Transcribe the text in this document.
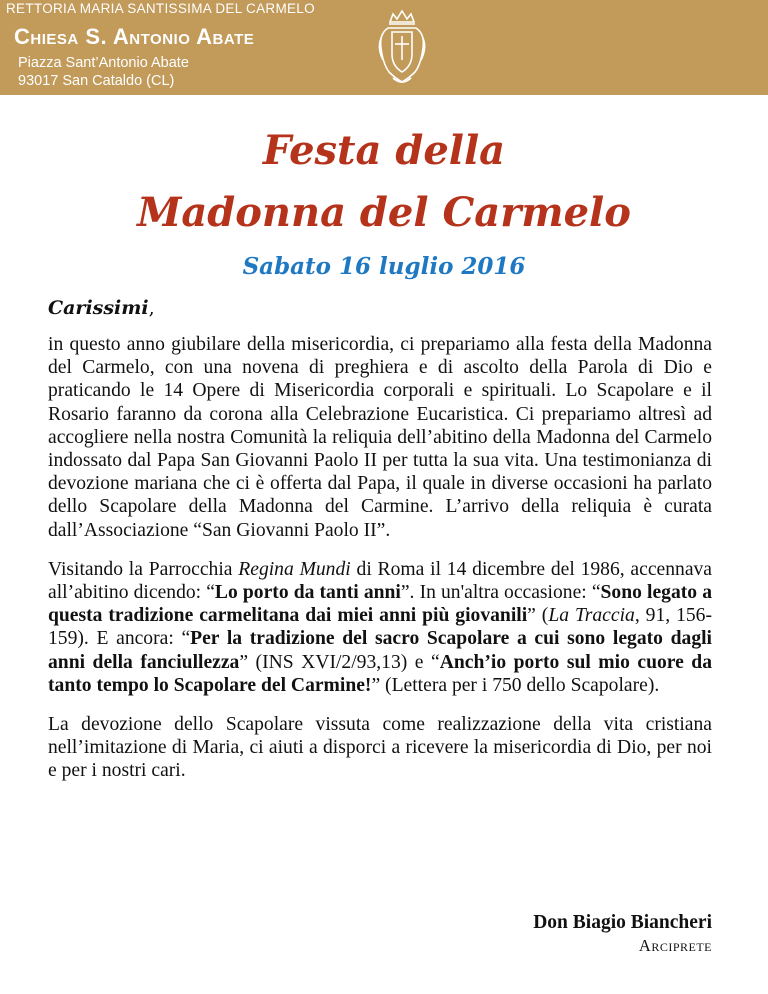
RETTORIA MARIA SANTISSIMA DEL CARMELO
Chiesa S. Antonio Abate
Piazza Sant’Antonio Abate
93017 San Cataldo (CL)
Festa della
Madonna del Carmelo
Sabato 16 luglio 2016
Carissimi,

in questo anno giubilare della misericordia, ci prepariamo alla festa della Madonna del Carmelo, con una novena di preghiera e di ascolto della Parola di Dio e praticando le 14 Opere di Misericordia corporali e spirituali. Lo Scapolare e il Rosario faranno da corona alla Celebrazione Eucaristica. Ci prepariamo altresì ad accogliere nella nostra Comunità la reliquia dell’abitino della Madonna del Carmelo indossato dal Papa San Giovanni Paolo II per tutta la sua vita. Una testimonianza di devozione mariana che ci è offerta dal Papa, il quale in diverse occasioni ha parlato dello Scapolare della Madonna del Carmine. L’arrivo della reliquia è curata dall’Associazione “San Giovanni Paolo II”.

Visitando la Parrocchia Regina Mundi di Roma il 14 dicembre del 1986, accennava all’abitino dicendo: “Lo porto da tanti anni”. In un'altra occasione: “Sono legato a questa tradizione carmelitana dai miei anni più giovanili” (La Traccia, 91, 156-159). E ancora: “Per la tradizione del sacro Scapolare a cui sono legato dagli anni della fanciullezza” (INS XVI/2/93,13) e “Anch’io porto sul mio cuore da tanto tempo lo Scapolare del Carmine!” (Lettera per i 750 dello Scapolare).

La devozione dello Scapolare vissuta come realizzazione della vita cristiana nell’imitazione di Maria, ci aiuti a disporci a ricevere la misericordia di Dio, per noi e per i nostri cari.

Don Biagio Biancheri
Arciprete
